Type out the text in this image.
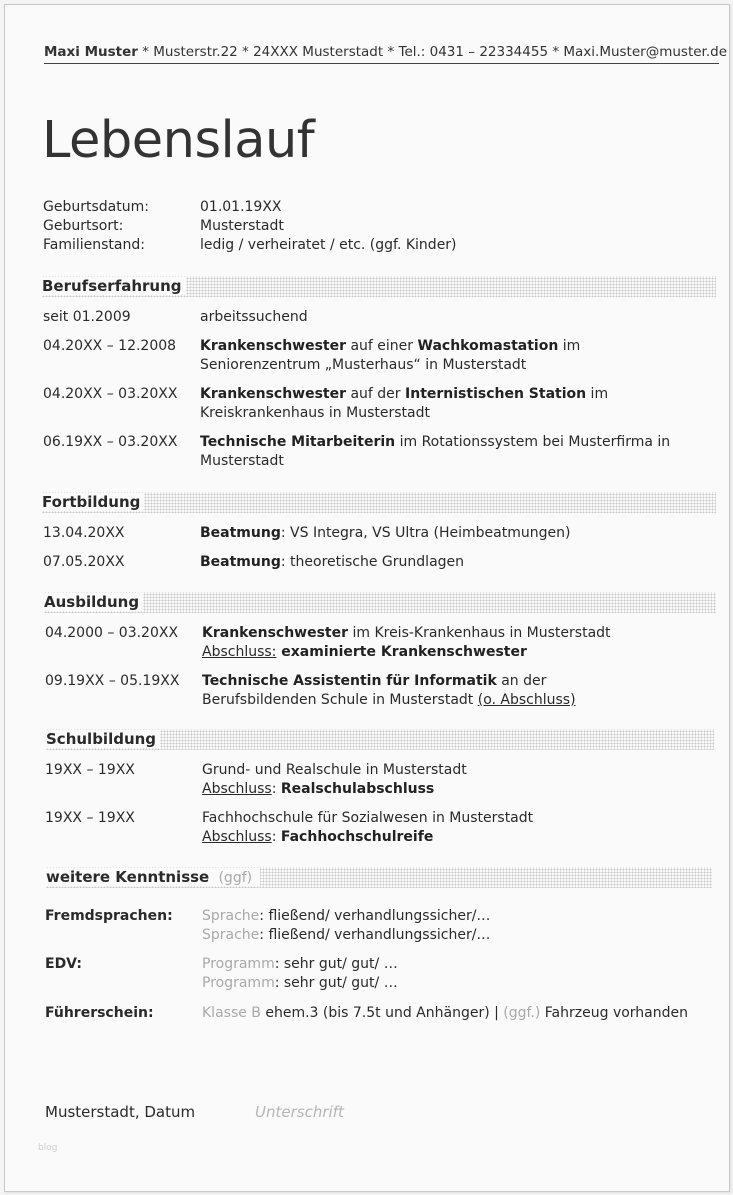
Maxi Muster * Musterstr.22 * 24XXX Musterstadt * Tel.: 0431 – 22334455 * Maxi.Muster@muster.de
Lebenslauf
Geburtsdatum:	01.01.19XX
Geburtsort:	Musterstadt
Familienstand:	ledig / verheiratet / etc. (ggf. Kinder)
Berufserfahrung
seit 01.2009	arbeitssuchend
04.20XX – 12.2008 Krankenschwester auf einer Wachkomastation im
Seniorenzentrum „Musterhaus“ in Musterstadt
04.20XX – 03.20XX Krankenschwester auf der Internistischen Station im
Kreiskrankenhaus in Musterstadt
06.19XX – 03.20XX Technische Mitarbeiterin im Rotationssystem bei Musterfirma in
Musterstadt
Fortbildung
13.04.20XX	Beatmung: VS Integra, VS Ultra (Heimbeatmungen)
07.05.20XX	Beatmung: theoretische Grundlagen
Ausbildung
04.2000 – 03.20XX Krankenschwester im Kreis-Krankenhaus in Musterstadt
Abschluss: examinierte Krankenschwester
09.19XX – 05.19XX Technische Assistentin für Informatik an der
Berufsbildenden Schule in Musterstadt (o. Abschluss)
Schulbildung
19XX – 19XX	Grund- und Realschule in Musterstadt
Abschluss: Realschulabschluss
19XX – 19XX	Fachhochschule für Sozialwesen in Musterstadt
Abschluss: Fachhochschulreife
weitere Kenntnisse (ggf)
Fremdsprachen: Sprache: fließend/ verhandlungssicher/…
Sprache: fließend/ verhandlungssicher/…
EDV:	Programm: sehr gut/ gut/ …
Programm: sehr gut/ gut/ …
Führerschein:	Klasse B ehem.3 (bis 7.5t und Anhänger) | (ggf.) Fahrzeug vorhanden
Musterstadt, Datum	Unterschrift
blog
